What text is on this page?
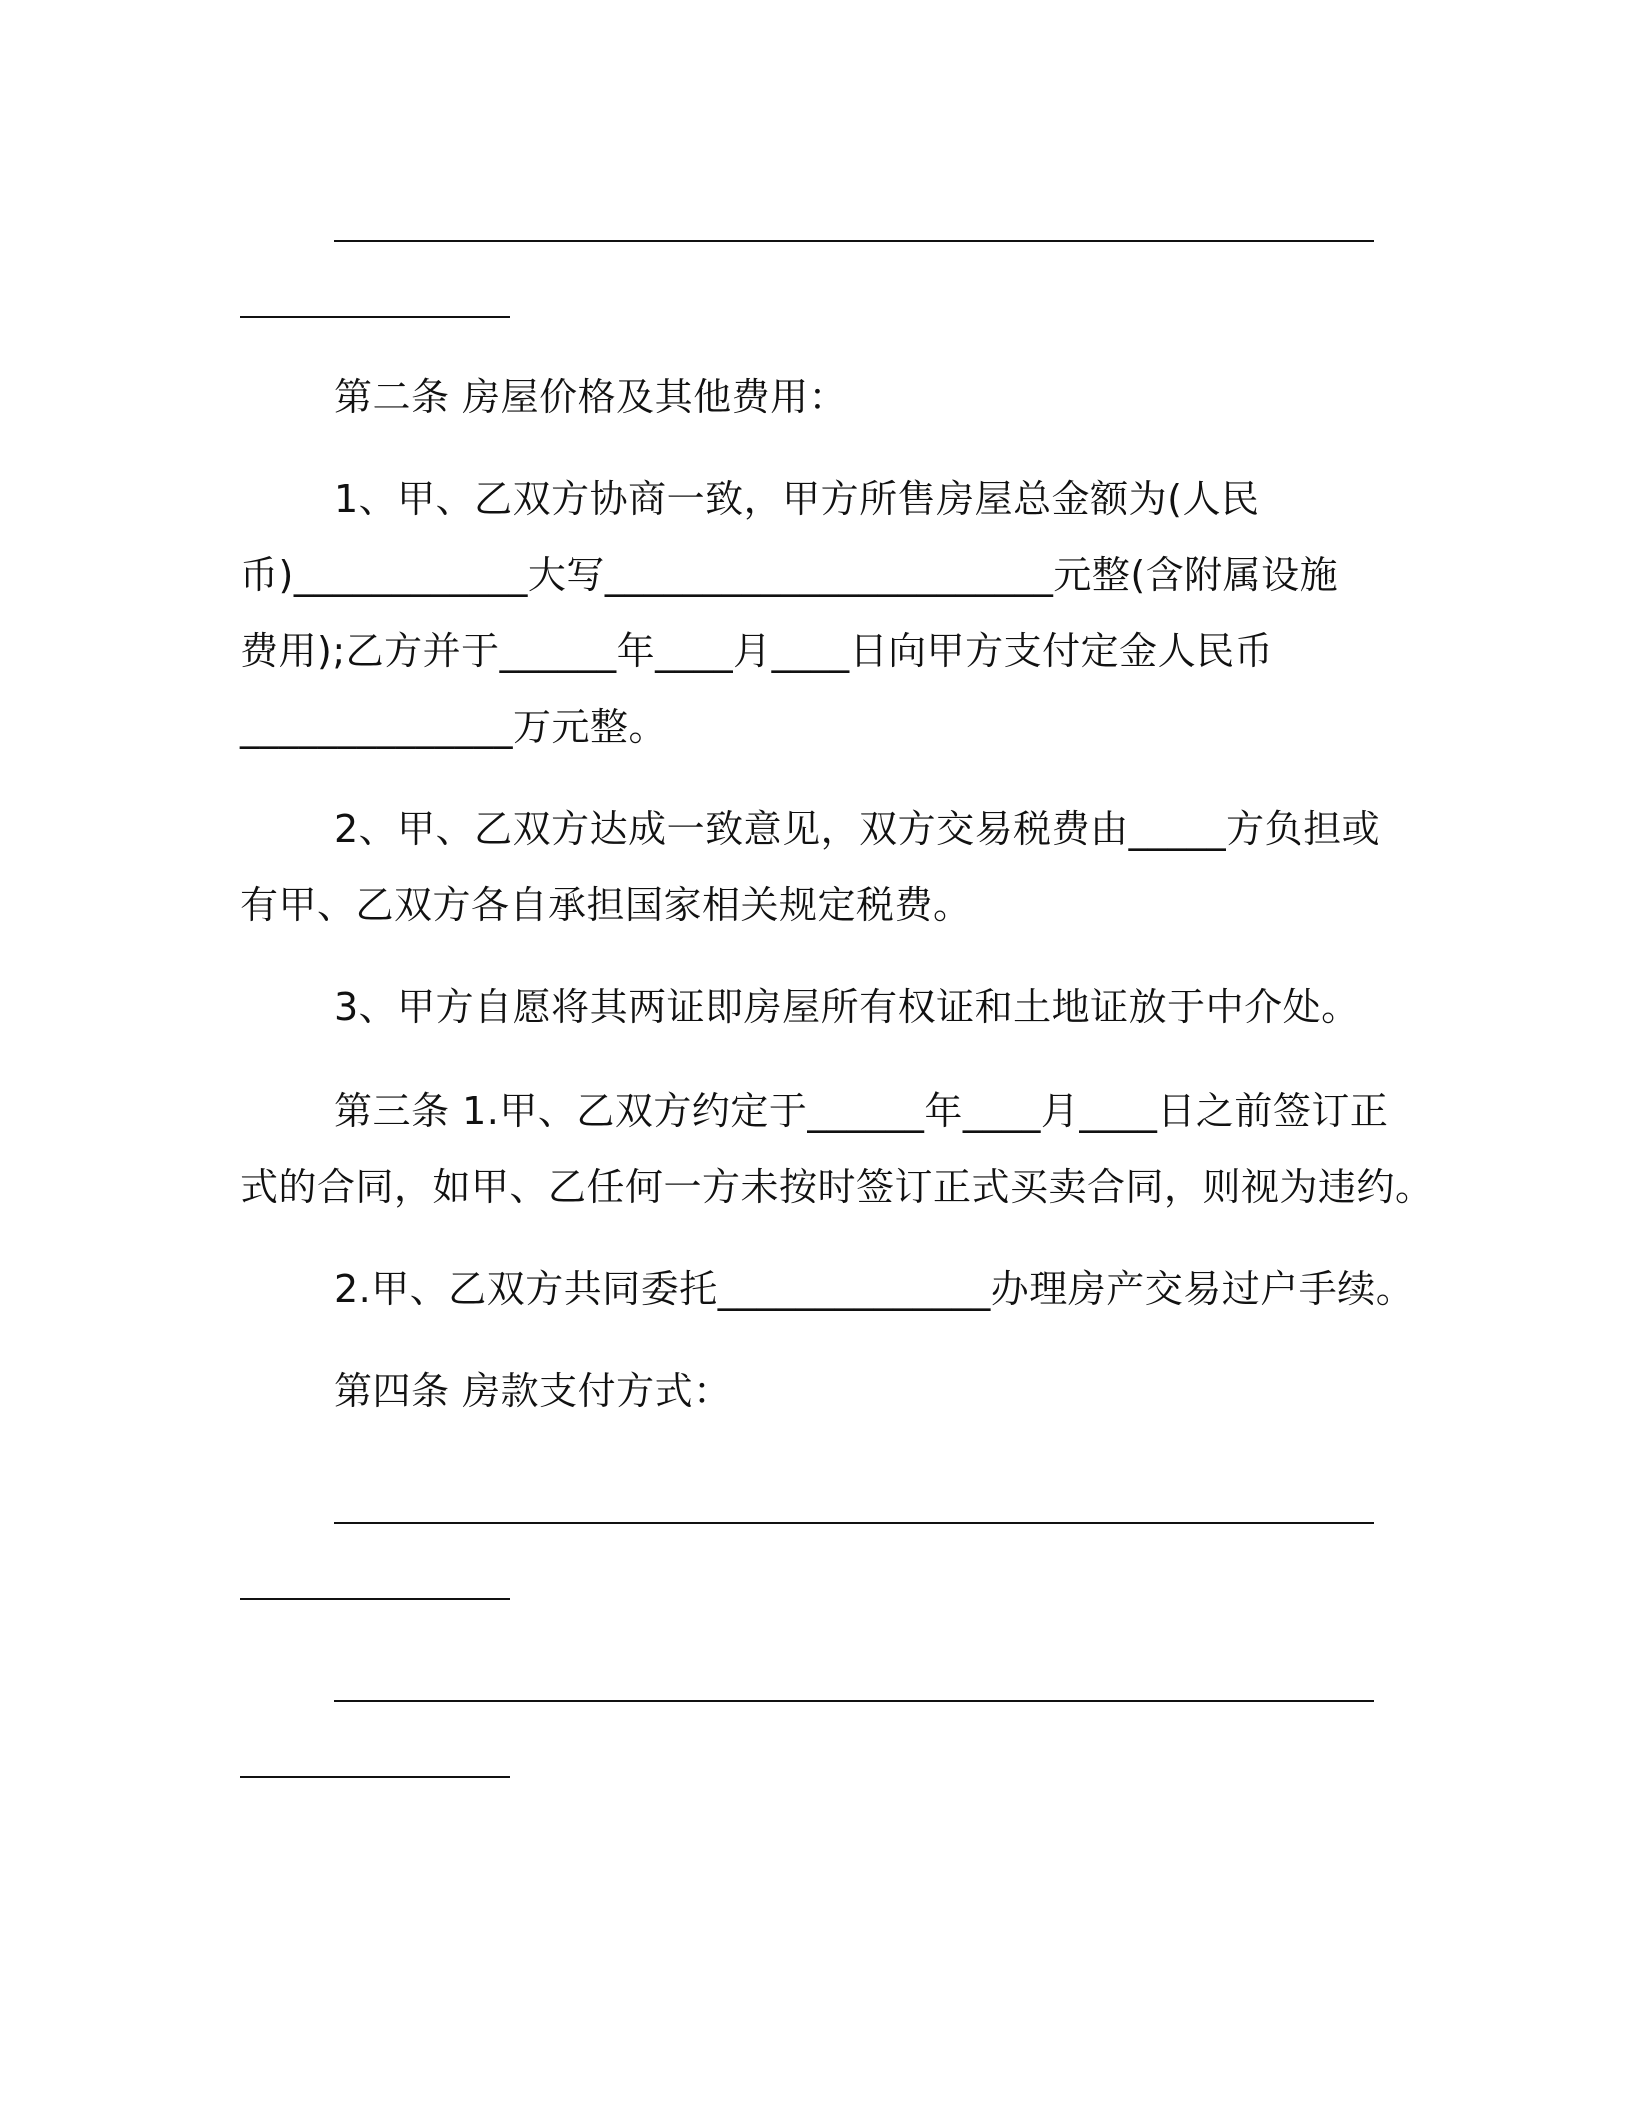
第二条 房屋价格及其他费用：
1、甲、乙双方协商一致，甲方所售房屋总金额为(人民
币)____________大写_______________________元整(含附属设施
费用);乙方并于______年____月____日向甲方支付定金人民币
______________万元整。
2、甲、乙双方达成一致意见，双方交易税费由_____方负担或
有甲、乙双方各自承担国家相关规定税费。
3、甲方自愿将其两证即房屋所有权证和土地证放于中介处。
第三条 1.甲、乙双方约定于______年____月____日之前签订正
式的合同，如甲、乙任何一方未按时签订正式买卖合同，则视为违约。
2.甲、乙双方共同委托______________办理房产交易过户手续。
第四条 房款支付方式：
